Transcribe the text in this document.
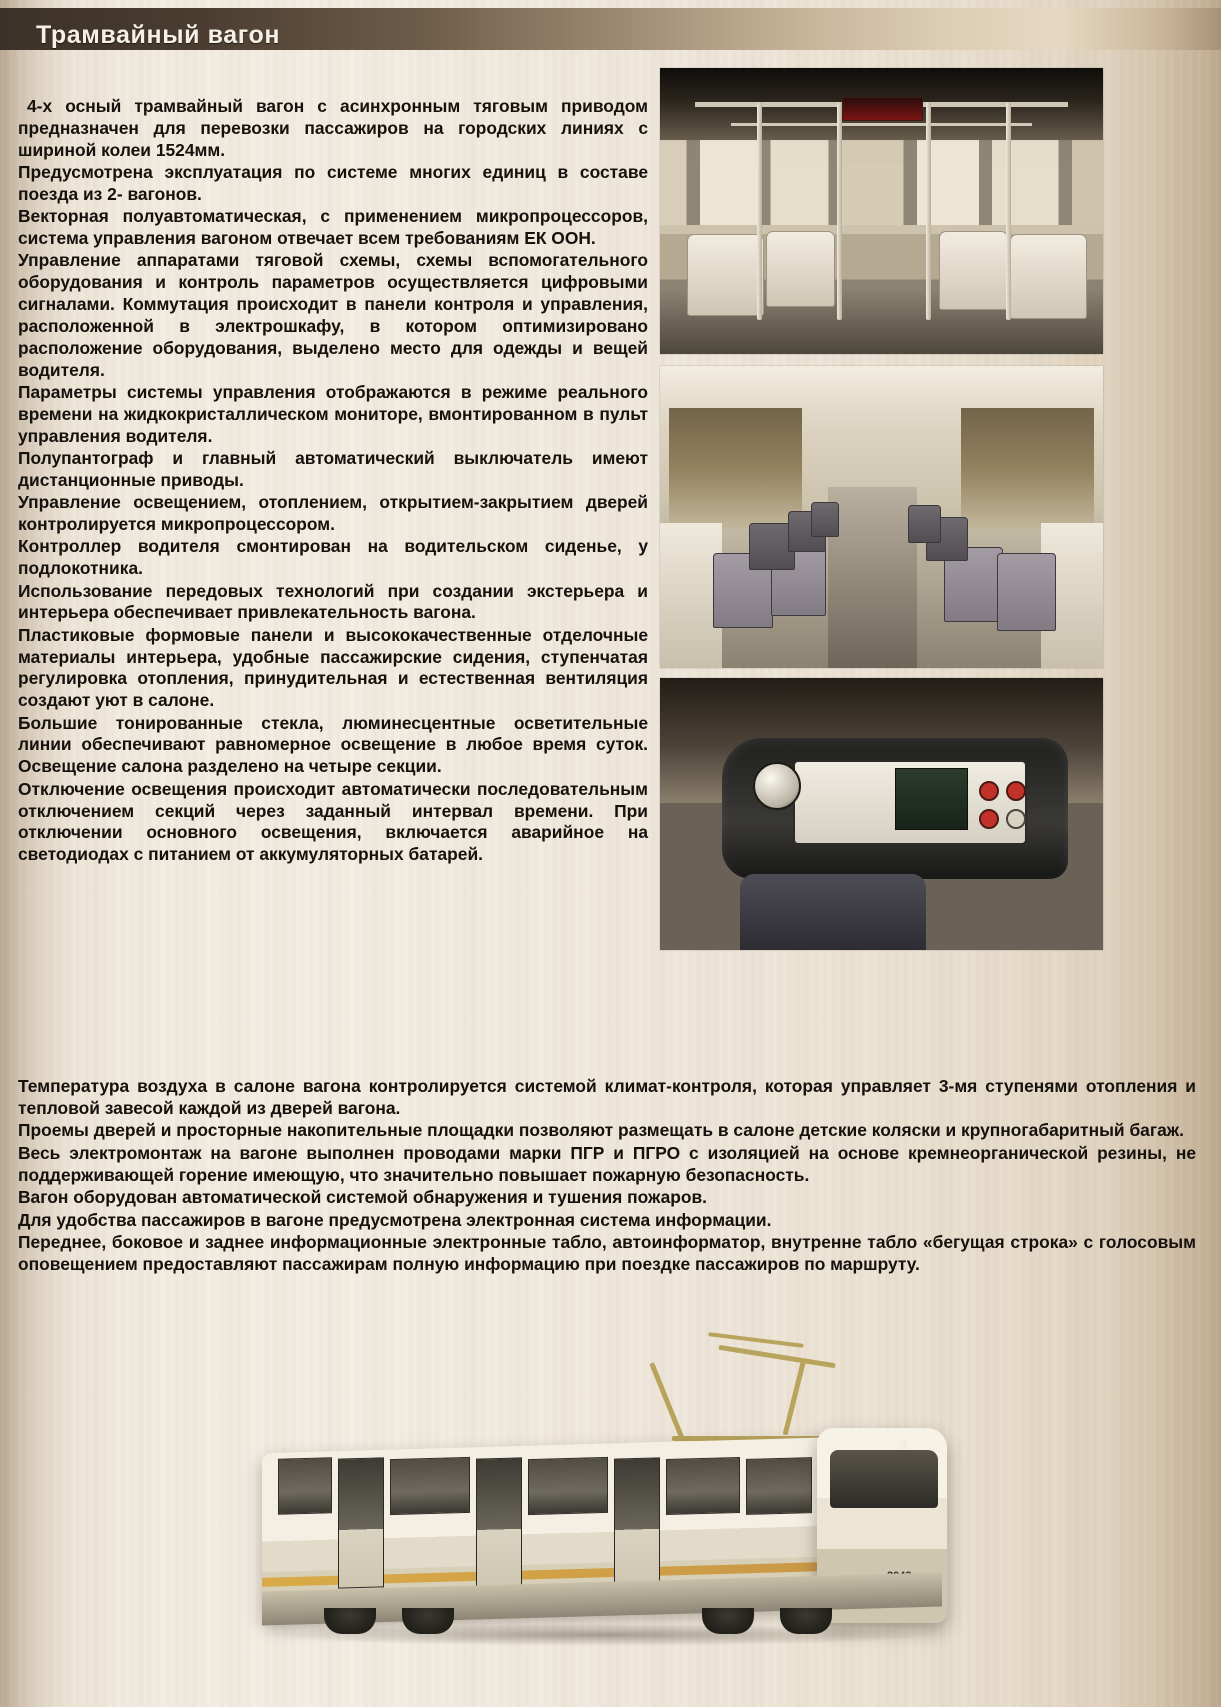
Трамвайный вагон

4-х осный трамвайный вагон с асинхронным тяговым приводом предназначен для перевозки пассажиров на городских линиях с шириной колеи 1524мм.

Предусмотрена эксплуатация по системе многих единиц в составе поезда из 2- вагонов.

Векторная полуавтоматическая, с применением микропроцессоров, система управления вагоном отвечает всем требованиям ЕК ООН.

Управление аппаратами тяговой схемы, схемы вспомогательного оборудования и контроль параметров осуществляется цифровыми сигналами. Коммутация происходит в панели контроля и управления, расположенной в электрошкафу, в котором оптимизировано расположение оборудования, выделено место для одежды и вещей водителя.

Параметры системы управления отображаются в режиме реального времени на жидкокристаллическом мониторе, вмонтированном в пульт управления водителя.

Полупантограф и главный автоматический выключатель имеют дистанционные приводы.

Управление освещением, отоплением, открытием-закрытием дверей контролируется микропроцессором.

Контроллер водителя смонтирован на водительском сиденье, у подлокотника.

Использование передовых технологий при создании экстерьера и интерьера обеспечивает привлекательность вагона.

Пластиковые формовые панели и высококачественные отделочные материалы интерьера, удобные пассажирские сидения, ступенчатая регулировка отопления, принудительная и естественная вентиляция создают уют в салоне.

Большие тонированные стекла, люминесцентные осветительные линии обеспечивают равномерное освещение в любое время суток. Освещение салона разделено на четыре секции.

Отключение освещения происходит автоматически последовательным отключением секций через заданный интервал времени. При отключении основного освещения, включается аварийное на светодиодах с питанием от аккумуляторных батарей.

Температура воздуха в салоне вагона контролируется системой климат-контроля, которая управляет 3-мя ступенями отопления и тепловой завесой каждой из дверей вагона.

Проемы дверей и просторные накопительные площадки позволяют размещать в салоне детские коляски и крупногабаритный багаж.

Весь электромонтаж на вагоне выполнен проводами марки ПГР и ПГРО с изоляцией на основе кремнеорганической резины, не поддерживающей горение имеющую, что значительно повышает пожарную безопасность.

Вагон оборудован автоматической системой обнаружения и тушения пожаров.

Для удобства пассажиров в вагоне предусмотрена электронная система информации.

Переднее, боковое и заднее информационные электронные табло, автоинформатор, внутренне табло «бегущая строка» с голосовым оповещением предоставляют пассажирам полную информацию при поездке пассажиров по маршруту.

3
